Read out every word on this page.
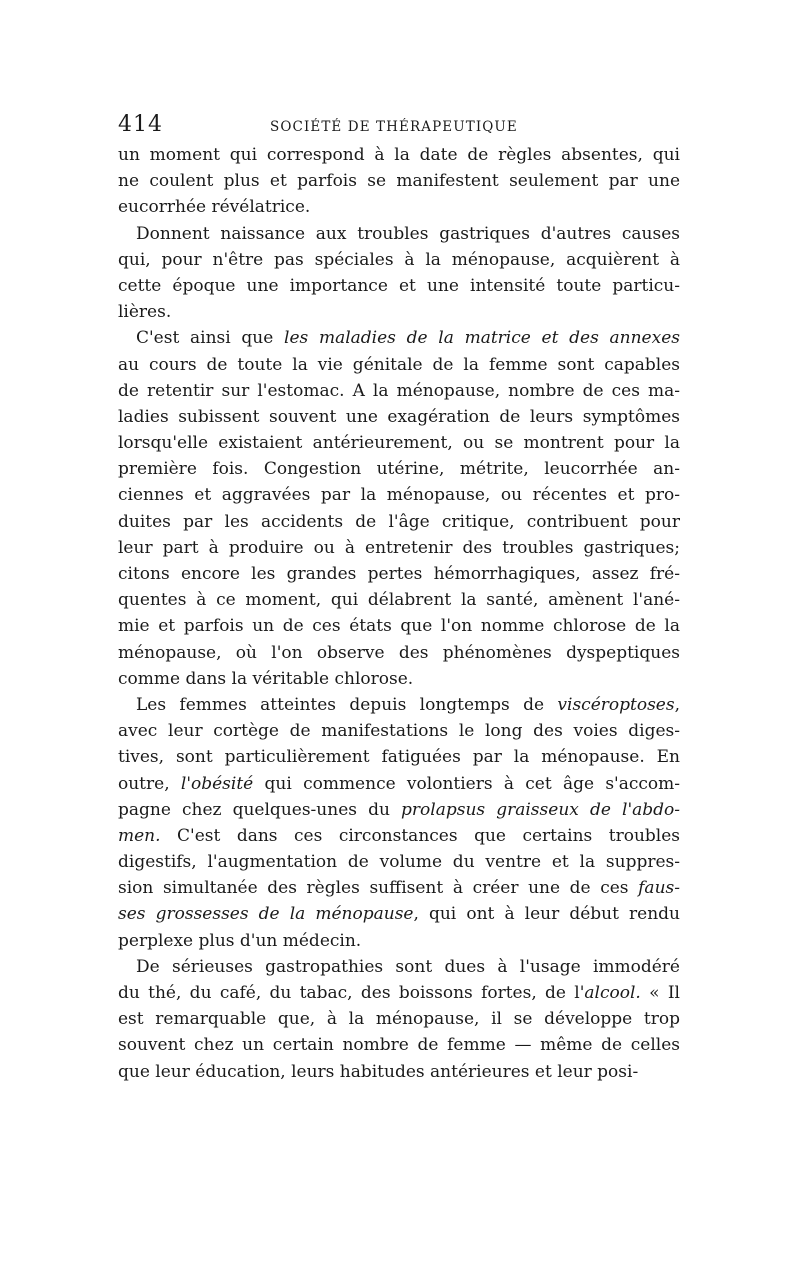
414	SOCIÉTÉ DE THÉRAPEUTIQUE
un moment qui correspond à la date de règles absentes, qui
ne coulent plus et parfois se manifestent seulement par une
eucorrhée révélatrice.
Donnent naissance aux troubles gastriques d'autres causes
qui, pour n'être pas spéciales à la ménopause, acquièrent à
cette époque une importance et une intensité toute particu-
lières.
C'est ainsi que les maladies de la matrice et des annexes
au cours de toute la vie génitale de la femme sont capables
de retentir sur l'estomac. A la ménopause, nombre de ces ma-
ladies subissent souvent une exagération de leurs symptômes
lorsqu'elle existaient antérieurement, ou se montrent pour la
première fois. Congestion utérine, métrite, leucorrhée an-
ciennes et aggravées par la ménopause, ou récentes et pro-
duites par les accidents de l'âge critique, contribuent pour
leur part à produire ou à entretenir des troubles gastriques;
citons encore les grandes pertes hémorrhagiques, assez fré-
quentes à ce moment, qui délabrent la santé, amènent l'ané-
mie et parfois un de ces états que l'on nomme chlorose de la
ménopause, où l'on observe des phénomènes dyspeptiques
comme dans la véritable chlorose.
Les femmes atteintes depuis longtemps de viscéroptoses,
avec leur cortège de manifestations le long des voies diges-
tives, sont particulièrement fatiguées par la ménopause. En
outre, l'obésité qui commence volontiers à cet âge s'accom-
pagne chez quelques-unes du prolapsus graisseux de l'abdo-
men. C'est dans ces circonstances que certains troubles
digestifs, l'augmentation de volume du ventre et la suppres-
sion simultanée des règles suffisent à créer une de ces faus-
ses grossesses de la ménopause, qui ont à leur début rendu
perplexe plus d'un médecin.
De sérieuses gastropathies sont dues à l'usage immodéré
du thé, du café, du tabac, des boissons fortes, de l'alcool. « Il
est remarquable que, à la ménopause, il se développe trop
souvent chez un certain nombre de femme — même de celles
que leur éducation, leurs habitudes antérieures et leur posi-
